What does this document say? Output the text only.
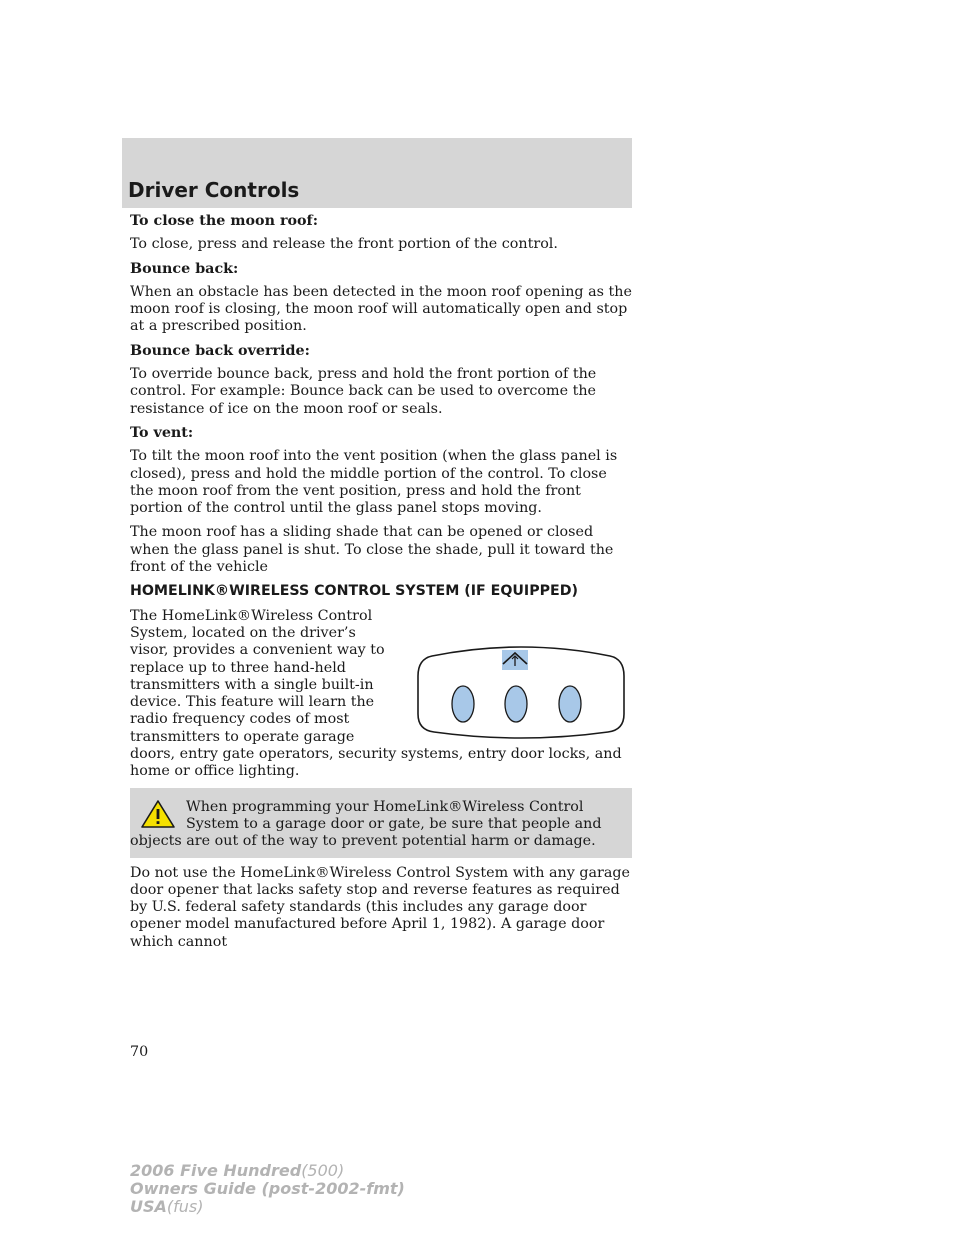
Driver Controls

To close the moon roof:

To close, press and release the front portion of the control.

Bounce back:

When an obstacle has been detected in the moon roof opening as the moon roof is closing, the moon roof will automatically open and stop at a prescribed position.

Bounce back override:

To override bounce back, press and hold the front portion of the control. For example: Bounce back can be used to overcome the resistance of ice on the moon roof or seals.

To vent:

To tilt the moon roof into the vent position (when the glass panel is closed), press and hold the middle portion of the control. To close the moon roof from the vent position, press and hold the front portion of the control until the glass panel stops moving.

The moon roof has a sliding shade that can be opened or closed when the glass panel is shut. To close the shade, pull it toward the front of the vehicle

HOMELINK®WIRELESS CONTROL SYSTEM (IF EQUIPPED)

The HomeLink®Wireless Control System, located on the driver’s visor, provides a convenient way to replace up to three hand-held transmitters with a single built-in device. This feature will learn the radio frequency codes of most transmitters to operate garage

doors, entry gate operators, security systems, entry door locks, and home or office lighting.

When programming your HomeLink®Wireless Control System to a garage door or gate, be sure that people and objects are out of the way to prevent potential harm or damage.

Do not use the HomeLink®Wireless Control System with any garage door opener that lacks safety stop and reverse features as required by U.S. federal safety standards (this includes any garage door opener model manufactured before April 1, 1982). A garage door which cannot

70
2006 Five Hundred(500)
Owners Guide (post-2002-fmt)
USA(fus)
